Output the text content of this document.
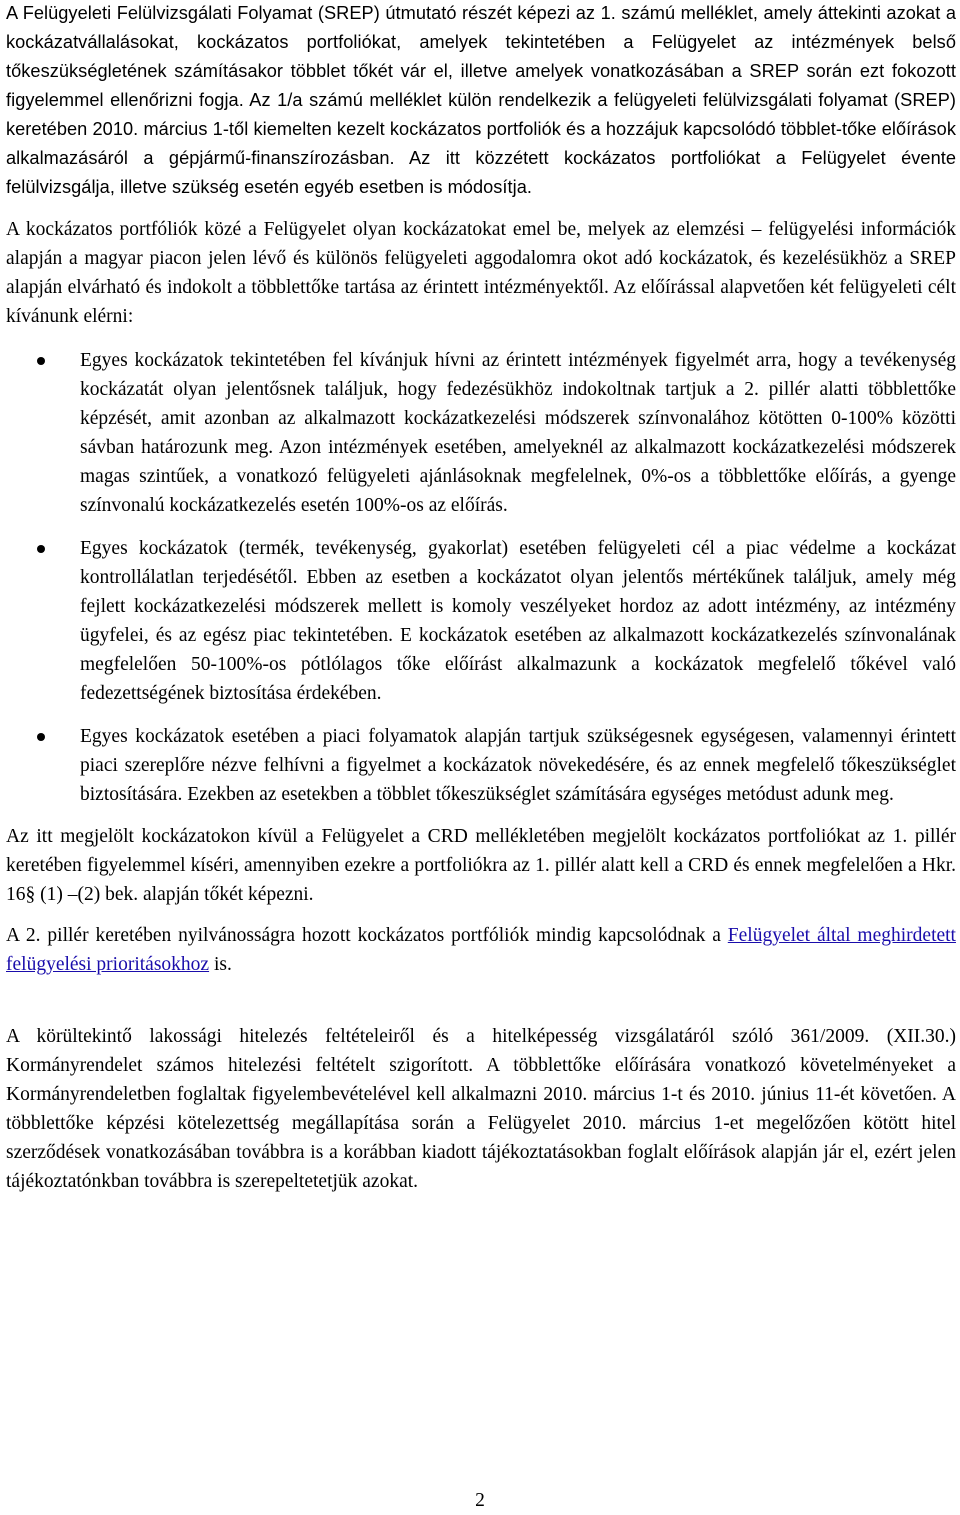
A Felügyeleti Felülvizsgálati Folyamat (SREP) útmutató részét képezi az 1. számú melléklet, amely áttekinti azokat a kockázatvállalásokat, kockázatos portfoliókat, amelyek tekintetében a Felügyelet az intézmények belső tőkeszükségletének számításakor többlet tőkét vár el, illetve amelyek vonatkozásában a SREP során ezt fokozott figyelemmel ellenőrizni fogja. Az 1/a számú melléklet külön rendelkezik a felügyeleti felülvizsgálati folyamat (SREP) keretében 2010. március 1-től kiemelten kezelt kockázatos portfoliók és a hozzájuk kapcsolódó többlet-tőke előírások alkalmazásáról a gépjármű-finanszírozásban. Az itt közzétett kockázatos portfoliókat a Felügyelet évente felülvizsgálja, illetve szükség esetén egyéb esetben is módosítja.

A kockázatos portfóliók közé a Felügyelet olyan kockázatokat emel be, melyek az elemzési – felügyelési információk alapján a magyar piacon jelen lévő és különös felügyeleti aggodalomra okot adó kockázatok, és kezelésükhöz a SREP alapján elvárható és indokolt a többlettőke tartása az érintett intézményektől. Az előírással alapvetően két felügyeleti célt kívánunk elérni:

Egyes kockázatok tekintetében fel kívánjuk hívni az érintett intézmények figyelmét arra, hogy a tevékenység kockázatát olyan jelentősnek találjuk, hogy fedezésükhöz indokoltnak tartjuk a 2. pillér alatti többlettőke képzését, amit azonban az alkalmazott kockázatkezelési módszerek színvonalához kötötten 0-100% közötti sávban határozunk meg. Azon intézmények esetében, amelyeknél az alkalmazott kockázatkezelési módszerek magas szintűek, a vonatkozó felügyeleti ajánlásoknak megfelelnek, 0%-os a többlettőke előírás, a gyenge színvonalú kockázatkezelés esetén 100%-os az előírás.
Egyes kockázatok (termék, tevékenység, gyakorlat) esetében felügyeleti cél a piac védelme a kockázat kontrollálatlan terjedésétől. Ebben az esetben a kockázatot olyan jelentős mértékűnek találjuk, amely még fejlett kockázatkezelési módszerek mellett is komoly veszélyeket hordoz az adott intézmény, az intézmény ügyfelei, és az egész piac tekintetében. E kockázatok esetében az alkalmazott kockázatkezelés színvonalának megfelelően 50-100%-os pótlólagos tőke előírást alkalmazunk a kockázatok megfelelő tőkével való fedezettségének biztosítása érdekében.
Egyes kockázatok esetében a piaci folyamatok alapján tartjuk szükségesnek egységesen, valamennyi érintett piaci szereplőre nézve felhívni a figyelmet a kockázatok növekedésére, és az ennek megfelelő tőkeszükséglet biztosítására. Ezekben az esetekben a többlet tőkeszükséglet számítására egységes metódust adunk meg.

Az itt megjelölt kockázatokon kívül a Felügyelet a CRD mellékletében megjelölt kockázatos portfoliókat az 1. pillér keretében figyelemmel kíséri, amennyiben ezekre a portfoliókra az 1. pillér alatt kell a CRD és ennek megfelelően a Hkr. 16§ (1) –(2) bek. alapján tőkét képezni.

A 2. pillér keretében nyilvánosságra hozott kockázatos portfóliók mindig kapcsolódnak a Felügyelet által meghirdetett felügyelési prioritásokhoz is.

A körültekintő lakossági hitelezés feltételeiről és a hitelképesség vizsgálatáról szóló 361/2009. (XII.30.) Kormányrendelet számos hitelezési feltételt szigorított. A többlettőke előírására vonatkozó követelményeket a Kormányrendeletben foglaltak figyelembevételével kell alkalmazni 2010. március 1-t és 2010. június 11-ét követően. A többlettőke képzési kötelezettség megállapítása során a Felügyelet 2010. március 1-et megelőzően kötött hitel szerződések vonatkozásában továbbra is a korábban kiadott tájékoztatásokban foglalt előírások alapján jár el, ezért jelen tájékoztatónkban továbbra is szerepeltetetjük azokat.

2
